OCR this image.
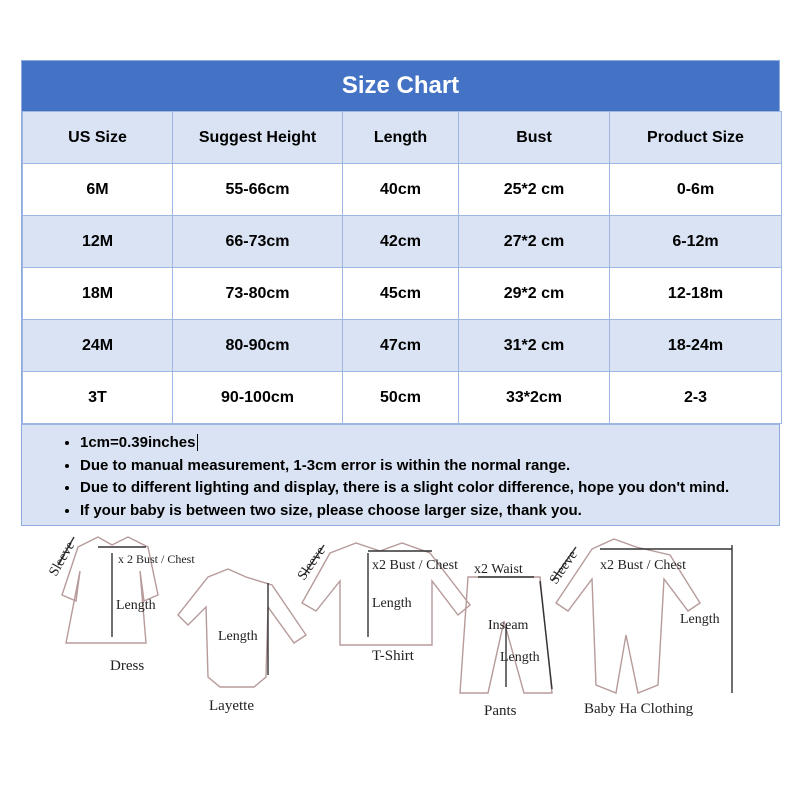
Size Chart
US Size	Suggest Height	Length	Bust	Product Size
6M	55-66cm	40cm	25*2 cm	0-6m
12M	66-73cm	42cm	27*2 cm	6-12m
18M	73-80cm	45cm	29*2 cm	12-18m
24M	80-90cm	47cm	31*2 cm	18-24m
3T	90-100cm	50cm	33*2cm	2-3
• 1cm=0.39inches
• Due to manual measurement, 1-3cm error is within the normal range.
• Due to different lighting and display, there is a slight color difference, hope you don't mind.
• If your baby is between two size, please choose larger size, thank you.
Sleeve	x 2 Bust / Chest
Length
Dress
Length
Layette
Sleeve	x2 Bust / Chest
Length
T-Shirt
x2 Waist
Inseam
Length
Pants
Sleeve x2 Bust / Chest
Length
Baby Ha Clothing
